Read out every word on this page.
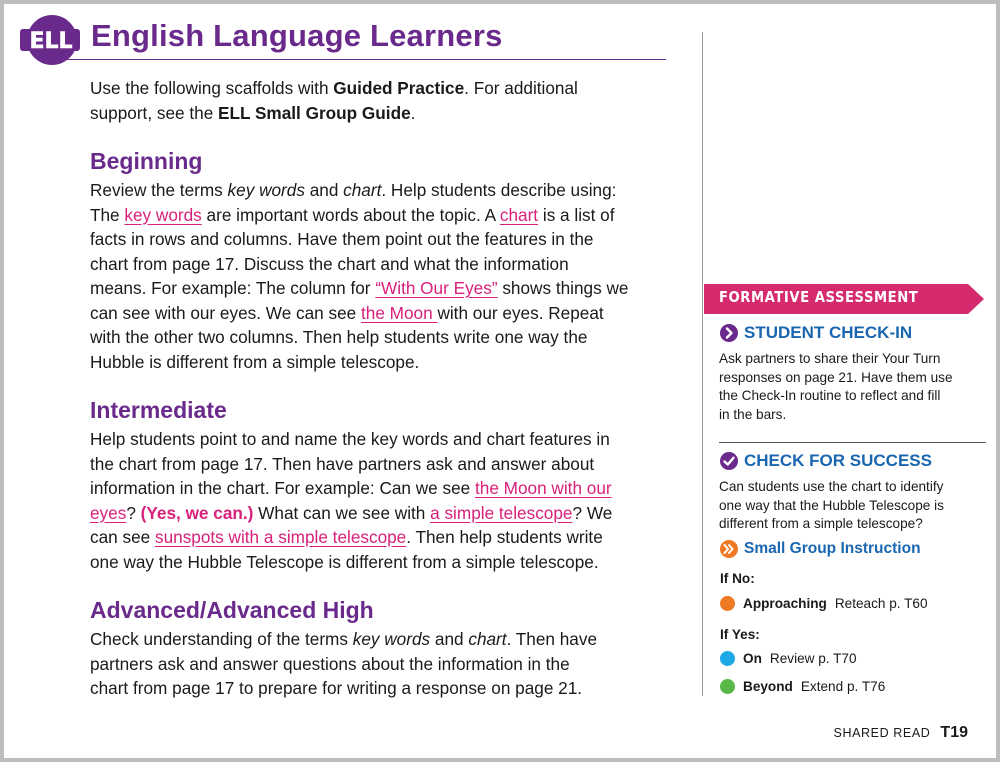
ELL English Language Learners

Use the following scaffolds with Guided Practice. For additional

support, see the ELL Small Group Guide.

Beginning

Review the terms key words and chart. Help students describe using:

The key words are important words about the topic. A chart is a list of

facts in rows and columns. Have them point out the features in the

chart from page 17. Discuss the chart and what the information

means. For example: The column for “With Our Eyes” shows things we

can see with our eyes. We can see the Moon with our eyes. Repeat

with the other two columns. Then help students write one way the

Hubble is different from a simple telescope.

Intermediate

Help students point to and name the key words and chart features in

the chart from page 17. Then have partners ask and answer about

information in the chart. For example: Can we see the Moon with our

eyes? (Yes, we can.) What can we see with a simple telescope? We

can see sunspots with a simple telescope. Then help students write

one way the Hubble Telescope is different from a simple telescope.

Advanced/Advanced High

Check understanding of the terms key words and chart. Then have

partners ask and answer questions about the information in the

chart from page 17 to prepare for writing a response on page 21.

FORMATIVE ASSESSMENT
STUDENT CHECK-IN

Ask partners to share their Your Turn

responses on page 21. Have them use

the Check-In routine to reflect and fill

in the bars.

CHECK FOR SUCCESS

Can students use the chart to identify

one way that the Hubble Telescope is

different from a simple telescope?

Small Group Instruction
If No:
Approaching Reteach p. T60
If Yes:
On Review p. T70
Beyond Extend p. T76
SHARED READ T19
